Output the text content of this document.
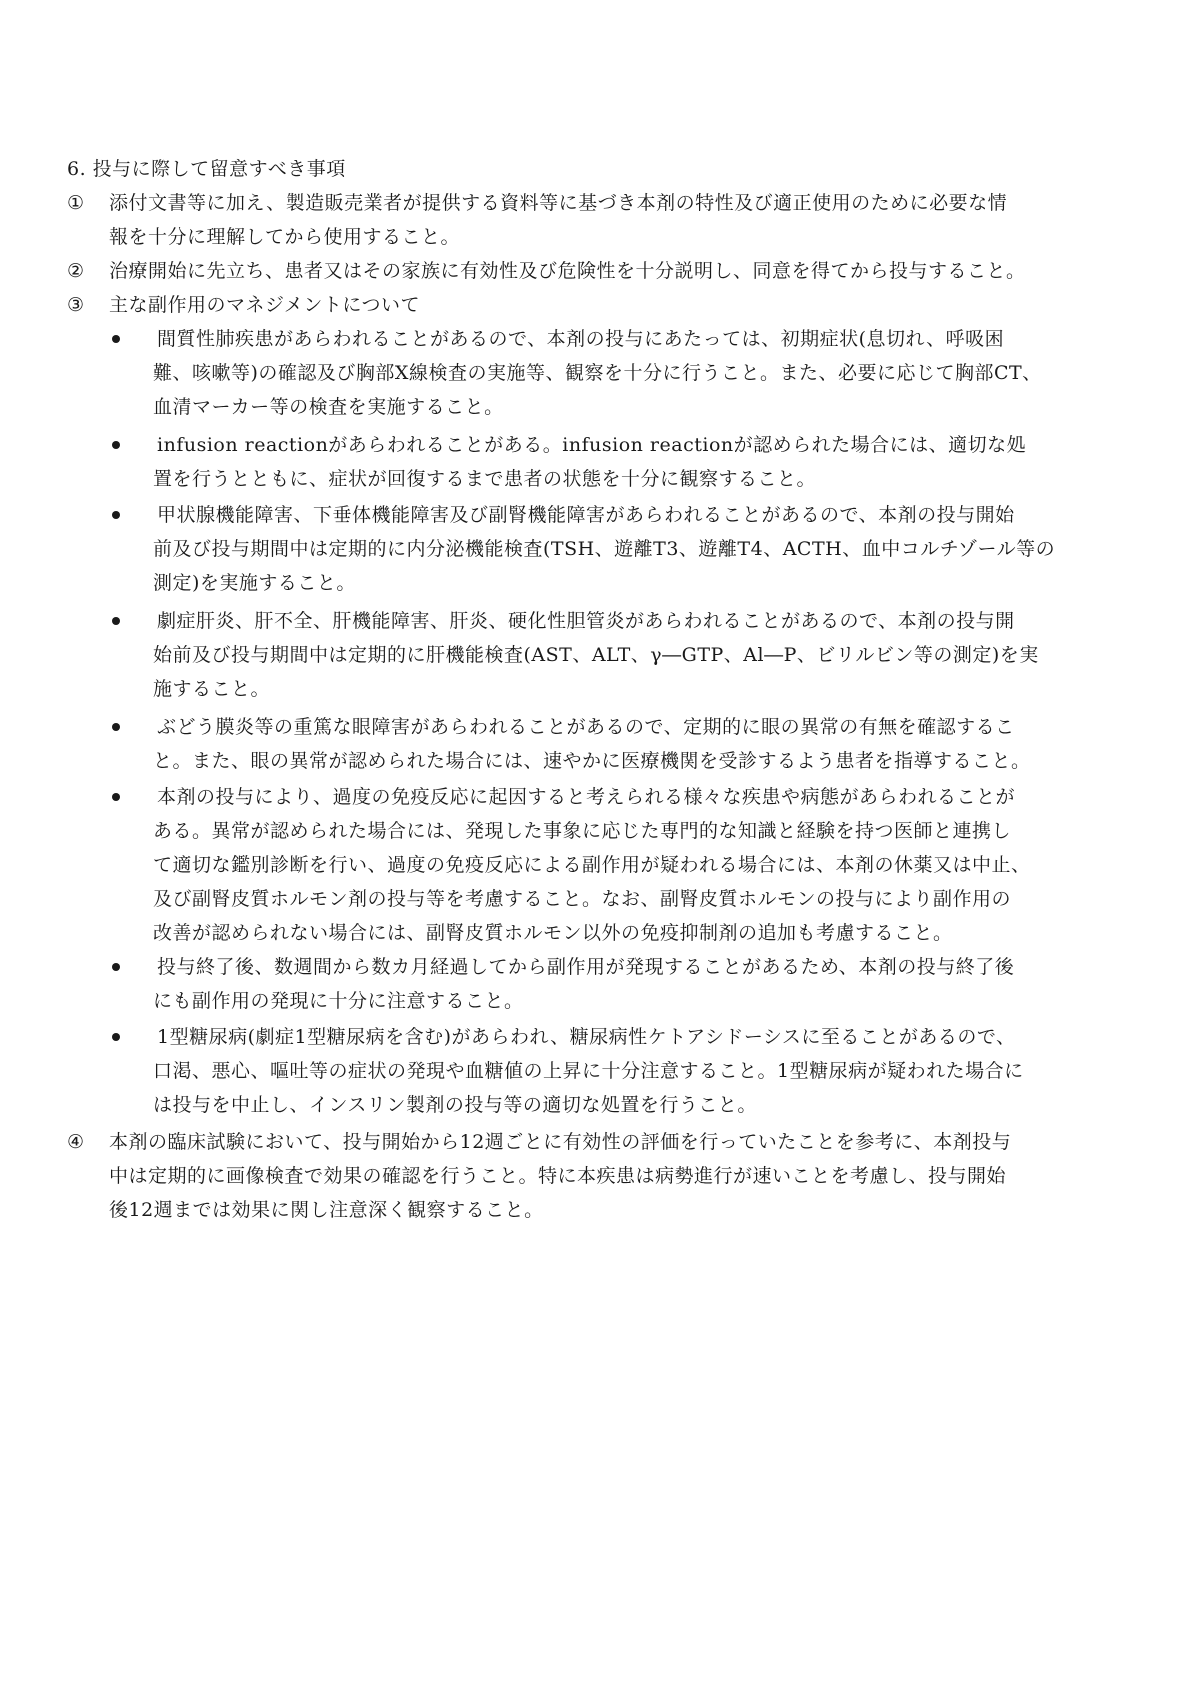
6. 投与に際して留意すべき事項
① 添付文書等に加え、製造販売業者が提供する資料等に基づき本剤の特性及び適正使用のために必要な情
報を十分に理解してから使用すること。
② 治療開始に先立ち、患者又はその家族に有効性及び危険性を十分説明し、同意を得てから投与すること。
③ 主な副作用のマネジメントについて
間質性肺疾患があらわれることがあるので、本剤の投与にあたっては、初期症状(息切れ、呼吸困
難、咳嗽等)の確認及び胸部X線検査の実施等、観察を十分に行うこと。また、必要に応じて胸部CT、
血清マーカー等の検査を実施すること。
infusion reactionがあらわれることがある。infusion reactionが認められた場合には、適切な処
置を行うとともに、症状が回復するまで患者の状態を十分に観察すること。
甲状腺機能障害、下垂体機能障害及び副腎機能障害があらわれることがあるので、本剤の投与開始
前及び投与期間中は定期的に内分泌機能検査(TSH、遊離T3、遊離T4、ACTH、血中コルチゾール等の
測定)を実施すること。
劇症肝炎、肝不全、肝機能障害、肝炎、硬化性胆管炎があらわれることがあるので、本剤の投与開
始前及び投与期間中は定期的に肝機能検査(AST、ALT、γ―GTP、Al―P、ビリルビン等の測定)を実
施すること。
ぶどう膜炎等の重篤な眼障害があらわれることがあるので、定期的に眼の異常の有無を確認するこ
と。また、眼の異常が認められた場合には、速やかに医療機関を受診するよう患者を指導すること。
本剤の投与により、過度の免疫反応に起因すると考えられる様々な疾患や病態があらわれることが
ある。異常が認められた場合には、発現した事象に応じた専門的な知識と経験を持つ医師と連携し
て適切な鑑別診断を行い、過度の免疫反応による副作用が疑われる場合には、本剤の休薬又は中止、
及び副腎皮質ホルモン剤の投与等を考慮すること。なお、副腎皮質ホルモンの投与により副作用の
改善が認められない場合には、副腎皮質ホルモン以外の免疫抑制剤の追加も考慮すること。
投与終了後、数週間から数カ月経過してから副作用が発現することがあるため、本剤の投与終了後
にも副作用の発現に十分に注意すること。
1型糖尿病(劇症1型糖尿病を含む)があらわれ、糖尿病性ケトアシドーシスに至ることがあるので、
口渇、悪心、嘔吐等の症状の発現や血糖値の上昇に十分注意すること。1型糖尿病が疑われた場合に
は投与を中止し、インスリン製剤の投与等の適切な処置を行うこと。
④ 本剤の臨床試験において、投与開始から12週ごとに有効性の評価を行っていたことを参考に、本剤投与
中は定期的に画像検査で効果の確認を行うこと。特に本疾患は病勢進行が速いことを考慮し、投与開始
後12週までは効果に関し注意深く観察すること。
